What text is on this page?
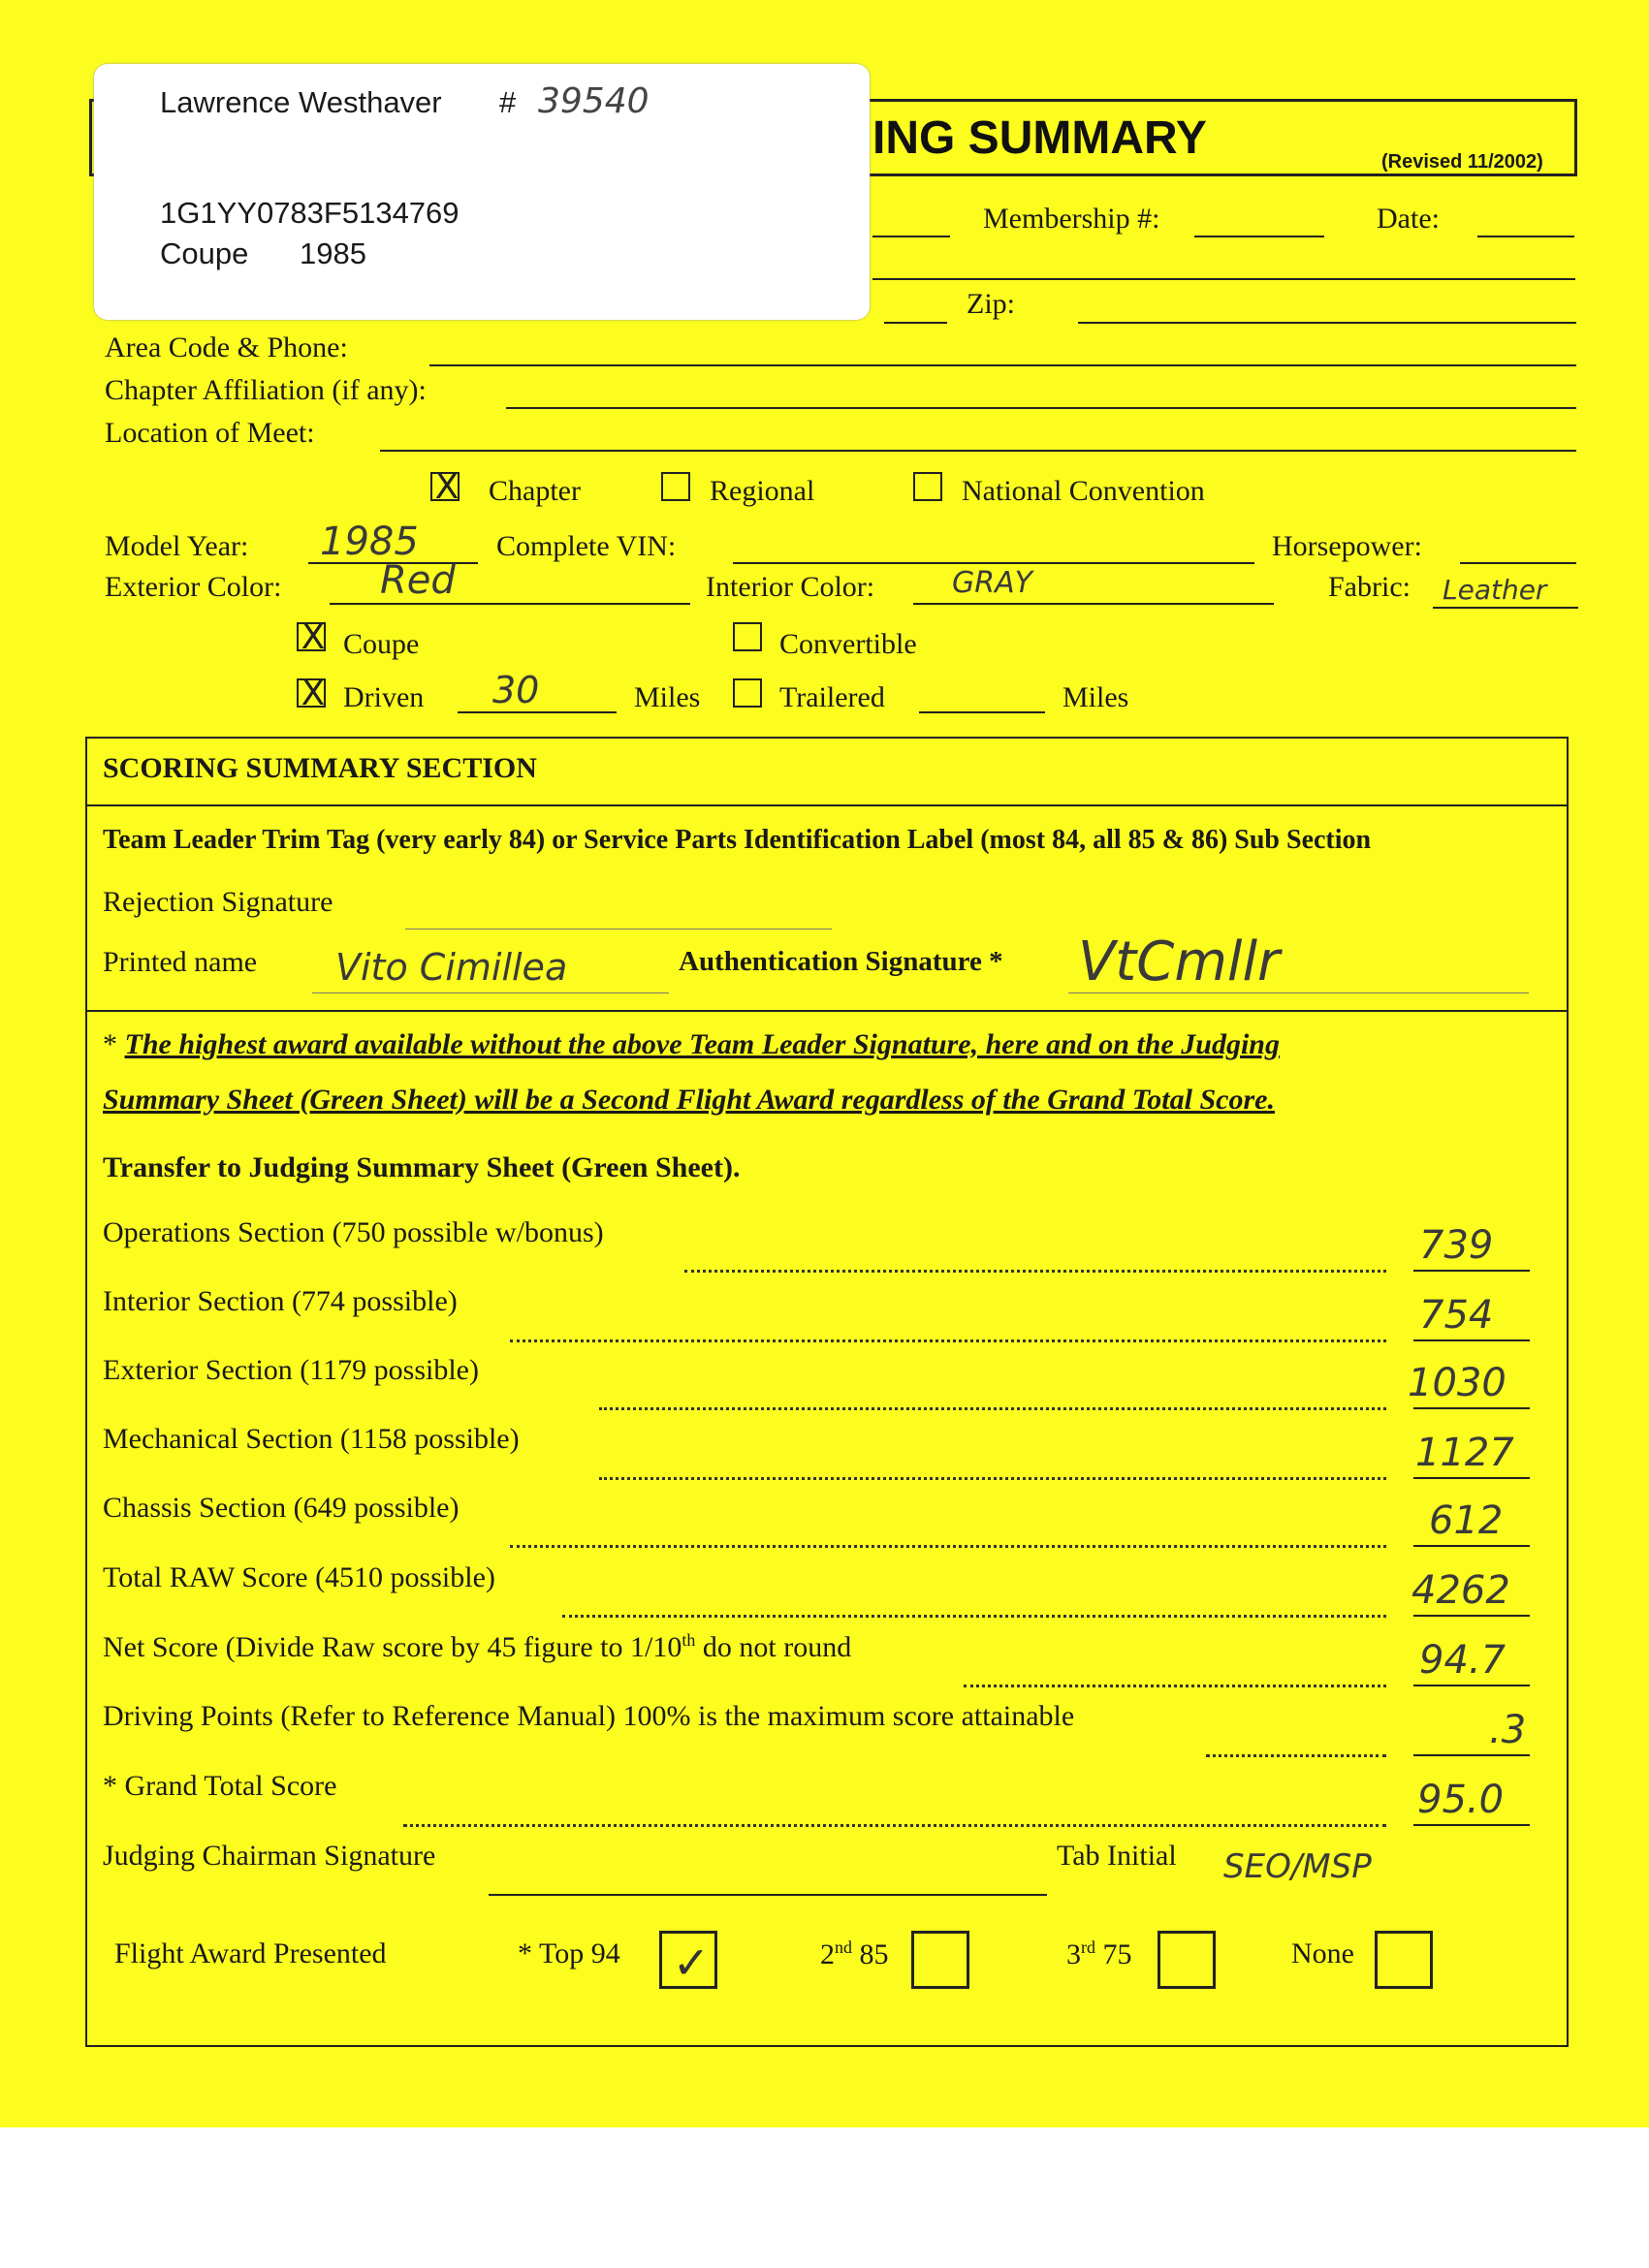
ING SUMMARY	(Revised 11/2002)
Lawrence Westhaver # 39540
1G1YY0783F5134769
Coupe 1985
Membership #:	Date:
Zip:
Area Code & Phone:
Chapter Affiliation (if any):
Location of Meet:
X Chapter	Regional	National Convention
Model Year: 1985	Complete VIN:	Horsepower:
Exterior Color:	Red	Interior Color:	GRAY	Fabric: Leather
X Coupe	Convertible
X Driven 30	Miles	Trailered	Miles
SCORING SUMMARY SECTION
Team Leader Trim Tag (very early 84) or Service Parts Identification Label (most 84, all 85 & 86) Sub Section
Rejection Signature
Printed name Vito Cimillea	Authentication Signature * VtCmllr
* The highest award available without the above Team Leader Signature, here and on the Judging
Summary Sheet (Green Sheet) will be a Second Flight Award regardless of the Grand Total Score.
Transfer to Judging Summary Sheet (Green Sheet).
Operations Section (750 possible w/bonus)	739
Interior Section (774 possible)	754
Exterior Section (1179 possible)	1030
Mechanical Section (1158 possible)	1127
Chassis Section (649 possible)	612
Total RAW Score (4510 possible)	4262
Net Score (Divide Raw score by 45 figure to 1/10th do not round	94.7
Driving Points (Refer to Reference Manual) 100% is the maximum score attainable	.3
* Grand Total Score	95.0
Judging Chairman Signature	Tab Initial SEO/MSP
Flight Award Presented	* Top 94 ✓	2nd 85	3rd 75	None
